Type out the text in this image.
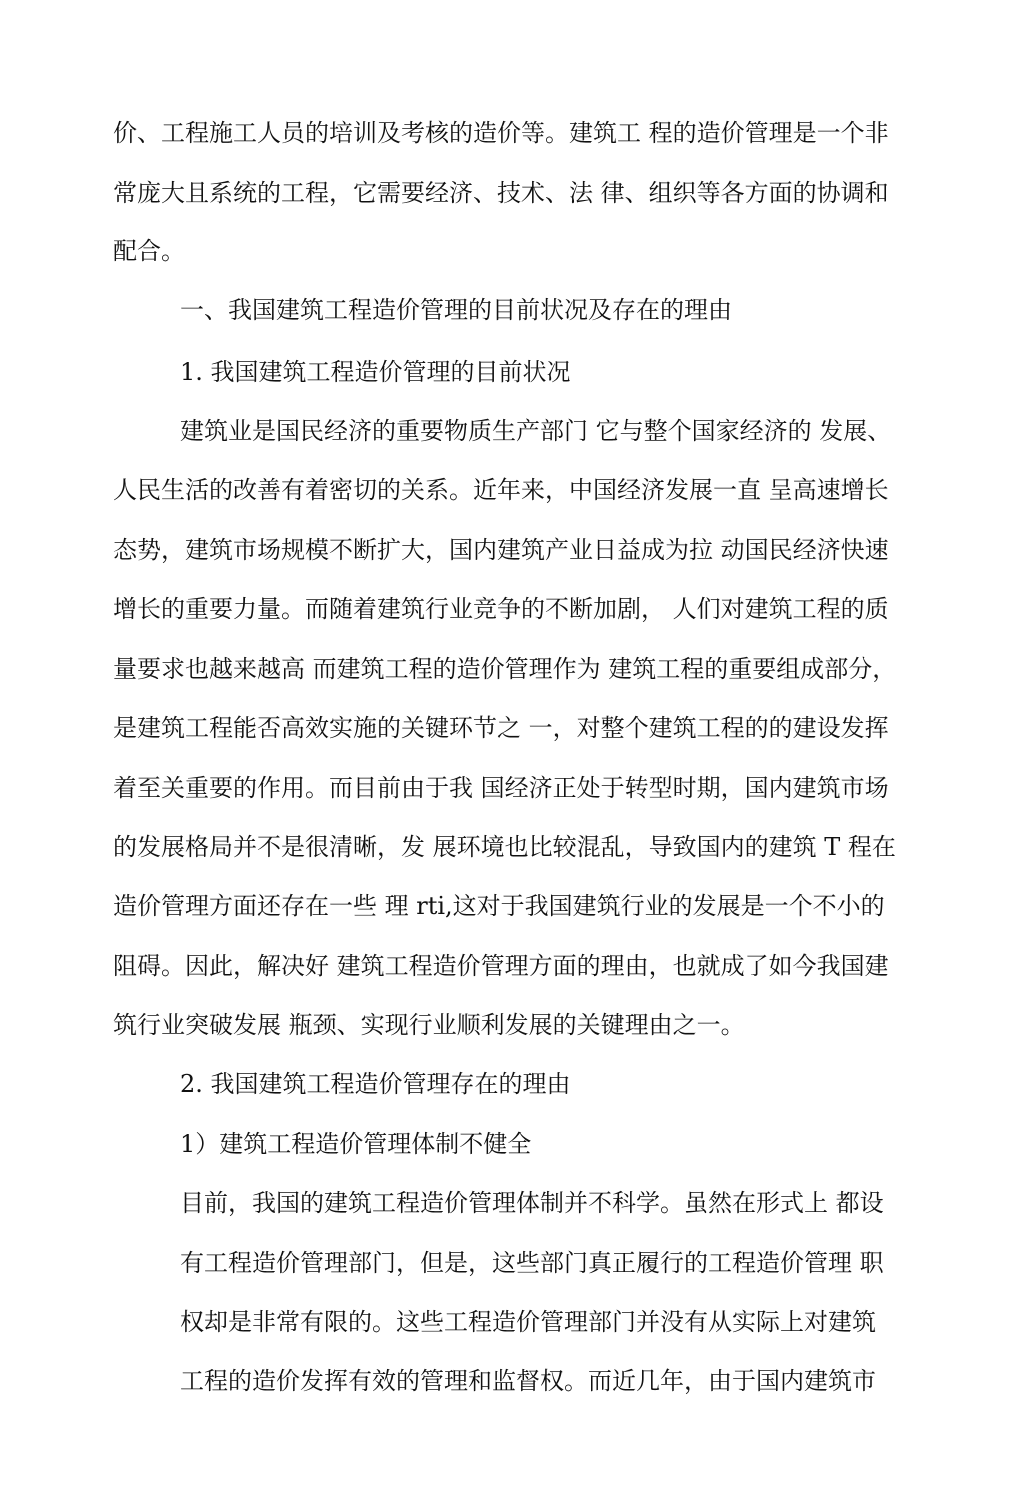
价、工程施工人员的培训及考核的造价等。建筑工 程的造价管理是一个非
常庞大且系统的工程，它需要经济、技术、法 律、组织等各方面的协调和
配合。
一、我国建筑工程造价管理的目前状况及存在的理由
1. 我国建筑工程造价管理的目前状况
建筑业是国民经济的重要物质生产部门 它与整个国家经济的 发展、
人民生活的改善有着密切的关系。近年来，中国经济发展一直 呈高速增长
态势，建筑市场规模不断扩大，国内建筑产业日益成为拉 动国民经济快速
增长的重要力量。而随着建筑行业竞争的不断加剧， 人们对建筑工程的质
量要求也越来越高 而建筑工程的造价管理作为 建筑工程的重要组成部分，
是建筑工程能否高效实施的关键环节之 一，对整个建筑工程的的建设发挥
着至关重要的作用。而目前由于我 国经济正处于转型时期，国内建筑市场
的发展格局并不是很清晰，发 展环境也比较混乱，导致国内的建筑 T 程在
造价管理方面还存在一些 理 rti,这对于我国建筑行业的发展是一个不小的
阻碍。因此，解决好 建筑工程造价管理方面的理由，也就成了如今我国建
筑行业突破发展 瓶颈、实现行业顺利发展的关键理由之一。
2. 我国建筑工程造价管理存在的理由
1）建筑工程造价管理体制不健全
目前，我国的建筑工程造价管理体制并不科学。虽然在形式上 都设
有工程造价管理部门，但是，这些部门真正履行的工程造价管理 职
权却是非常有限的。这些工程造价管理部门并没有从实际上对建筑
工程的造价发挥有效的管理和监督权。而近几年，由于国内建筑市
